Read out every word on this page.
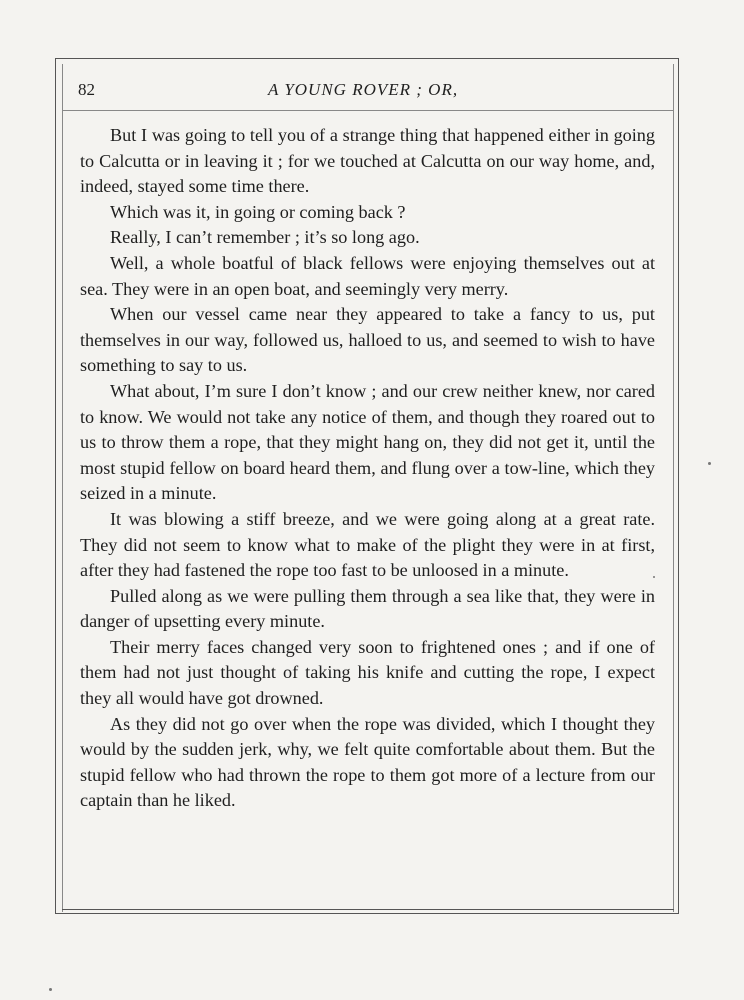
82	A YOUNG ROVER ; OR,

But I was going to tell you of a strange thing that happened either in going to Calcutta or in leaving it ; for we touched at Calcutta on our way home, and, indeed, stayed some time there.

Which was it, in going or coming back ?

Really, I can’t remember ; it’s so long ago.

Well, a whole boatful of black fellows were enjoying themselves out at sea. They were in an open boat, and seemingly very merry.

When our vessel came near they appeared to take a fancy to us, put themselves in our way, followed us, halloed to us, and seemed to wish to have something to say to us.

What about, I’m sure I don’t know ; and our crew neither knew, nor cared to know. We would not take any notice of them, and though they roared out to us to throw them a rope, that they might hang on, they did not get it, until the most stupid fellow on board heard them, and flung over a tow-line, which they seized in a minute.

It was blowing a stiff breeze, and we were going along at a great rate. They did not seem to know what to make of the plight they were in at first, after they had fastened the rope too fast to be unloosed in a minute.

Pulled along as we were pulling them through a sea like that, they were in danger of upsetting every minute.

Their merry faces changed very soon to frightened ones ; and if one of them had not just thought of taking his knife and cutting the rope, I expect they all would have got drowned.

As they did not go over when the rope was divided, which I thought they would by the sudden jerk, why, we felt quite comfortable about them. But the stupid fellow who had thrown the rope to them got more of a lecture from our captain than he liked.
